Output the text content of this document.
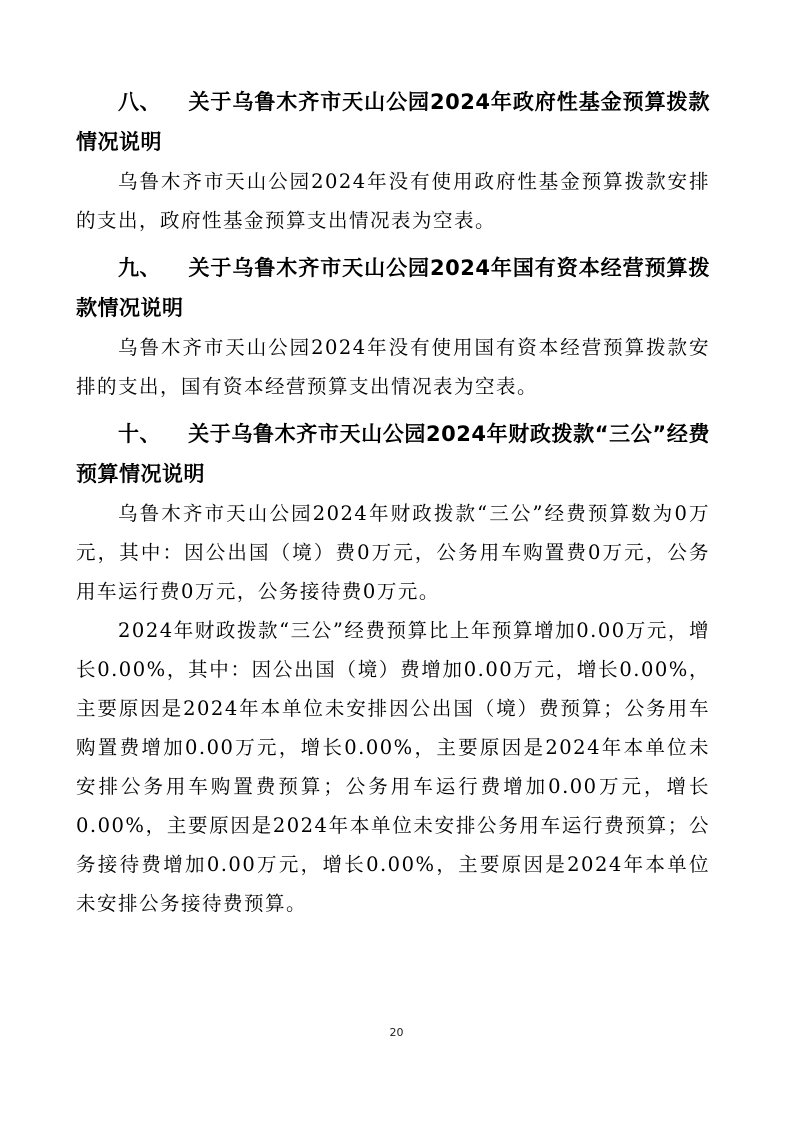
八、 关于乌鲁木齐市天山公园2024年政府性基金预算拨款情况说明

乌鲁木齐市天山公园2024年没有使用政府性基金预算拨款安排的支出，政府性基金预算支出情况表为空表。

九、 关于乌鲁木齐市天山公园2024年国有资本经营预算拨款情况说明

乌鲁木齐市天山公园2024年没有使用国有资本经营预算拨款安排的支出，国有资本经营预算支出情况表为空表。

十、 关于乌鲁木齐市天山公园2024年财政拨款“三公”经费预算情况说明

乌鲁木齐市天山公园2024年财政拨款“三公”经费预算数为0万元，其中：因公出国（境）费0万元，公务用车购置费0万元，公务用车运行费0万元，公务接待费0万元。

2024年财政拨款“三公”经费预算比上年预算增加0.00万元，增长0.00%，其中：因公出国（境）费增加0.00万元，增长0.00%，主要原因是2024年本单位未安排因公出国（境）费预算；公务用车购置费增加0.00万元，增长0.00%，主要原因是2024年本单位未安排公务用车购置费预算；公务用车运行费增加0.00万元，增长0.00%，主要原因是2024年本单位未安排公务用车运行费预算；公务接待费增加0.00万元，增长0.00%，主要原因是2024年本单位未安排公务接待费预算。

20
